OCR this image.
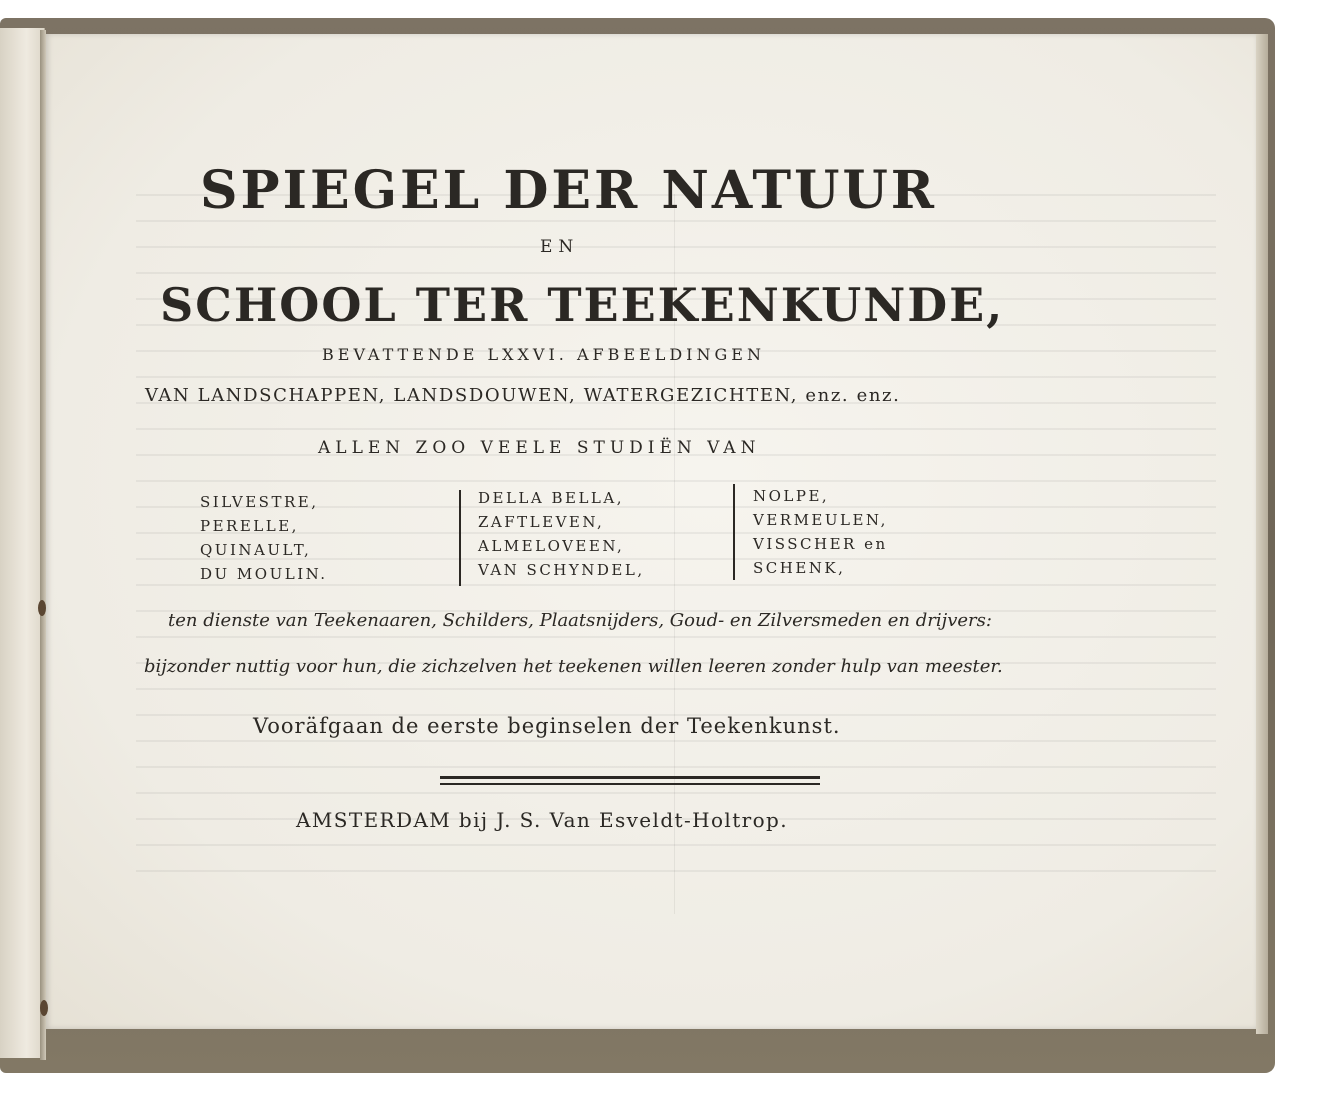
SPIEGEL DER NATUUR
EN
SCHOOL TER TEEKENKUNDE,
BEVATTENDE LXXVI. AFBEELDINGEN
VAN LANDSCHAPPEN, LANDSDOUWEN, WATERGEZICHTEN, enz. enz.
ALLEN ZOO VEELE STUDIËN VAN
SILVESTRE,
PERELLE,
QUINAULT,
DU MOULIN.
DELLA BELLA,
ZAFTLEVEN,
ALMELOVEEN,
VAN SCHYNDEL,
NOLPE,
VERMEULEN,
VISSCHER en
SCHENK,
ten dienste van Teekenaaren, Schilders, Plaatsnijders, Goud- en Zilversmeden en drijvers:
bijzonder nuttig voor hun, die zichzelven het teekenen willen leeren zonder hulp van meester.
Vooräfgaan de eerste beginselen der Teekenkunst.
AMSTERDAM bij J. S. Van Esveldt-Holtrop.
